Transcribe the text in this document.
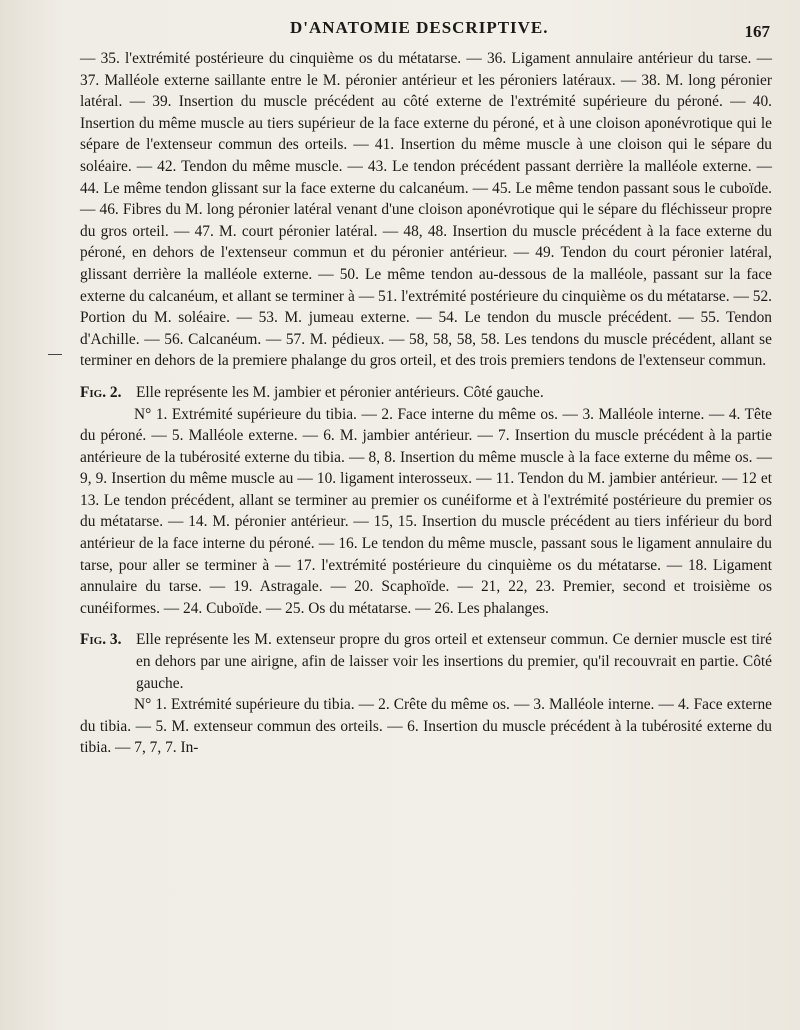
D'ANATOMIE DESCRIPTIVE.	167

— 35. l'extrémité postérieure du cinquième os du métatarse. — 36. Ligament annulaire antérieur du tarse. — 37. Malléole externe saillante entre le M. péronier antérieur et les péroniers latéraux. — 38. M. long péronier latéral. — 39. Insertion du muscle précédent au côté externe de l'extrémité supérieure du péroné. — 40. Insertion du même muscle au tiers supérieur de la face externe du péroné, et à une cloison aponévrotique qui le sépare de l'extenseur commun des orteils. — 41. Insertion du même muscle à une cloison qui le sépare du soléaire. — 42. Tendon du même muscle. — 43. Le tendon précédent passant derrière la malléole externe. — 44. Le même tendon glissant sur la face externe du calcanéum. — 45. Le même tendon passant sous le cuboïde. — 46. Fibres du M. long péronier latéral venant d'une cloison aponévrotique qui le sépare du fléchisseur propre du gros orteil. — 47. M. court péronier latéral. — 48, 48. Insertion du muscle précédent à la face externe du péroné, en dehors de l'extenseur commun et du péronier antérieur. — 49. Tendon du court péronier latéral, glissant derrière la malléole externe. — 50. Le même tendon au-dessous de la malléole, passant sur la face externe du calcanéum, et allant se terminer à — 51. l'extrémité postérieure du cinquième os du métatarse. — 52. Portion du M. soléaire. — 53. M. jumeau externe. — 54. Le tendon du muscle précédent. — 55. Tendon d'Achille. — 56. Calcanéum. — 57. M. pédieux. — 58, 58, 58, 58. Les tendons du muscle précédent, allant se terminer en dehors de la premiere phalange du gros orteil, et des trois premiers tendons de l'extenseur commun.

Fig. 2. Elle représente les M. jambier et péronier antérieurs. Côté gauche.

N° 1. Extrémité supérieure du tibia. — 2. Face interne du même os. — 3. Malléole interne. — 4. Tête du péroné. — 5. Malléole externe. — 6. M. jambier antérieur. — 7. Insertion du muscle précédent à la partie antérieure de la tubérosité externe du tibia. — 8, 8. Insertion du même muscle à la face externe du même os. — 9, 9. Insertion du même muscle au — 10. ligament interosseux. — 11. Tendon du M. jambier antérieur. — 12 et 13. Le tendon précédent, allant se terminer au premier os cunéiforme et à l'extrémité postérieure du premier os du métatarse. — 14. M. péronier antérieur. — 15, 15. Insertion du muscle précédent au tiers inférieur du bord antérieur de la face interne du péroné. — 16. Le tendon du même muscle, passant sous le ligament annulaire du tarse, pour aller se terminer à — 17. l'extrémité postérieure du cinquième os du métatarse. — 18. Ligament annulaire du tarse. — 19. Astragale. — 20. Scaphoïde. — 21, 22, 23. Premier, second et troisième os cunéiformes. — 24. Cuboïde. — 25. Os du métatarse. — 26. Les phalanges.

Fig. 3. Elle représente les M. extenseur propre du gros orteil et extenseur commun. Ce dernier muscle est tiré en dehors par une airigne, afin de laisser voir les insertions du premier, qu'il recouvrait en partie. Côté gauche.

N° 1. Extrémité supérieure du tibia. — 2. Crête du même os. — 3. Malléole interne. — 4. Face externe du tibia. — 5. M. extenseur commun des orteils. — 6. Insertion du muscle précédent à la tubérosité externe du tibia. — 7, 7, 7. In-
